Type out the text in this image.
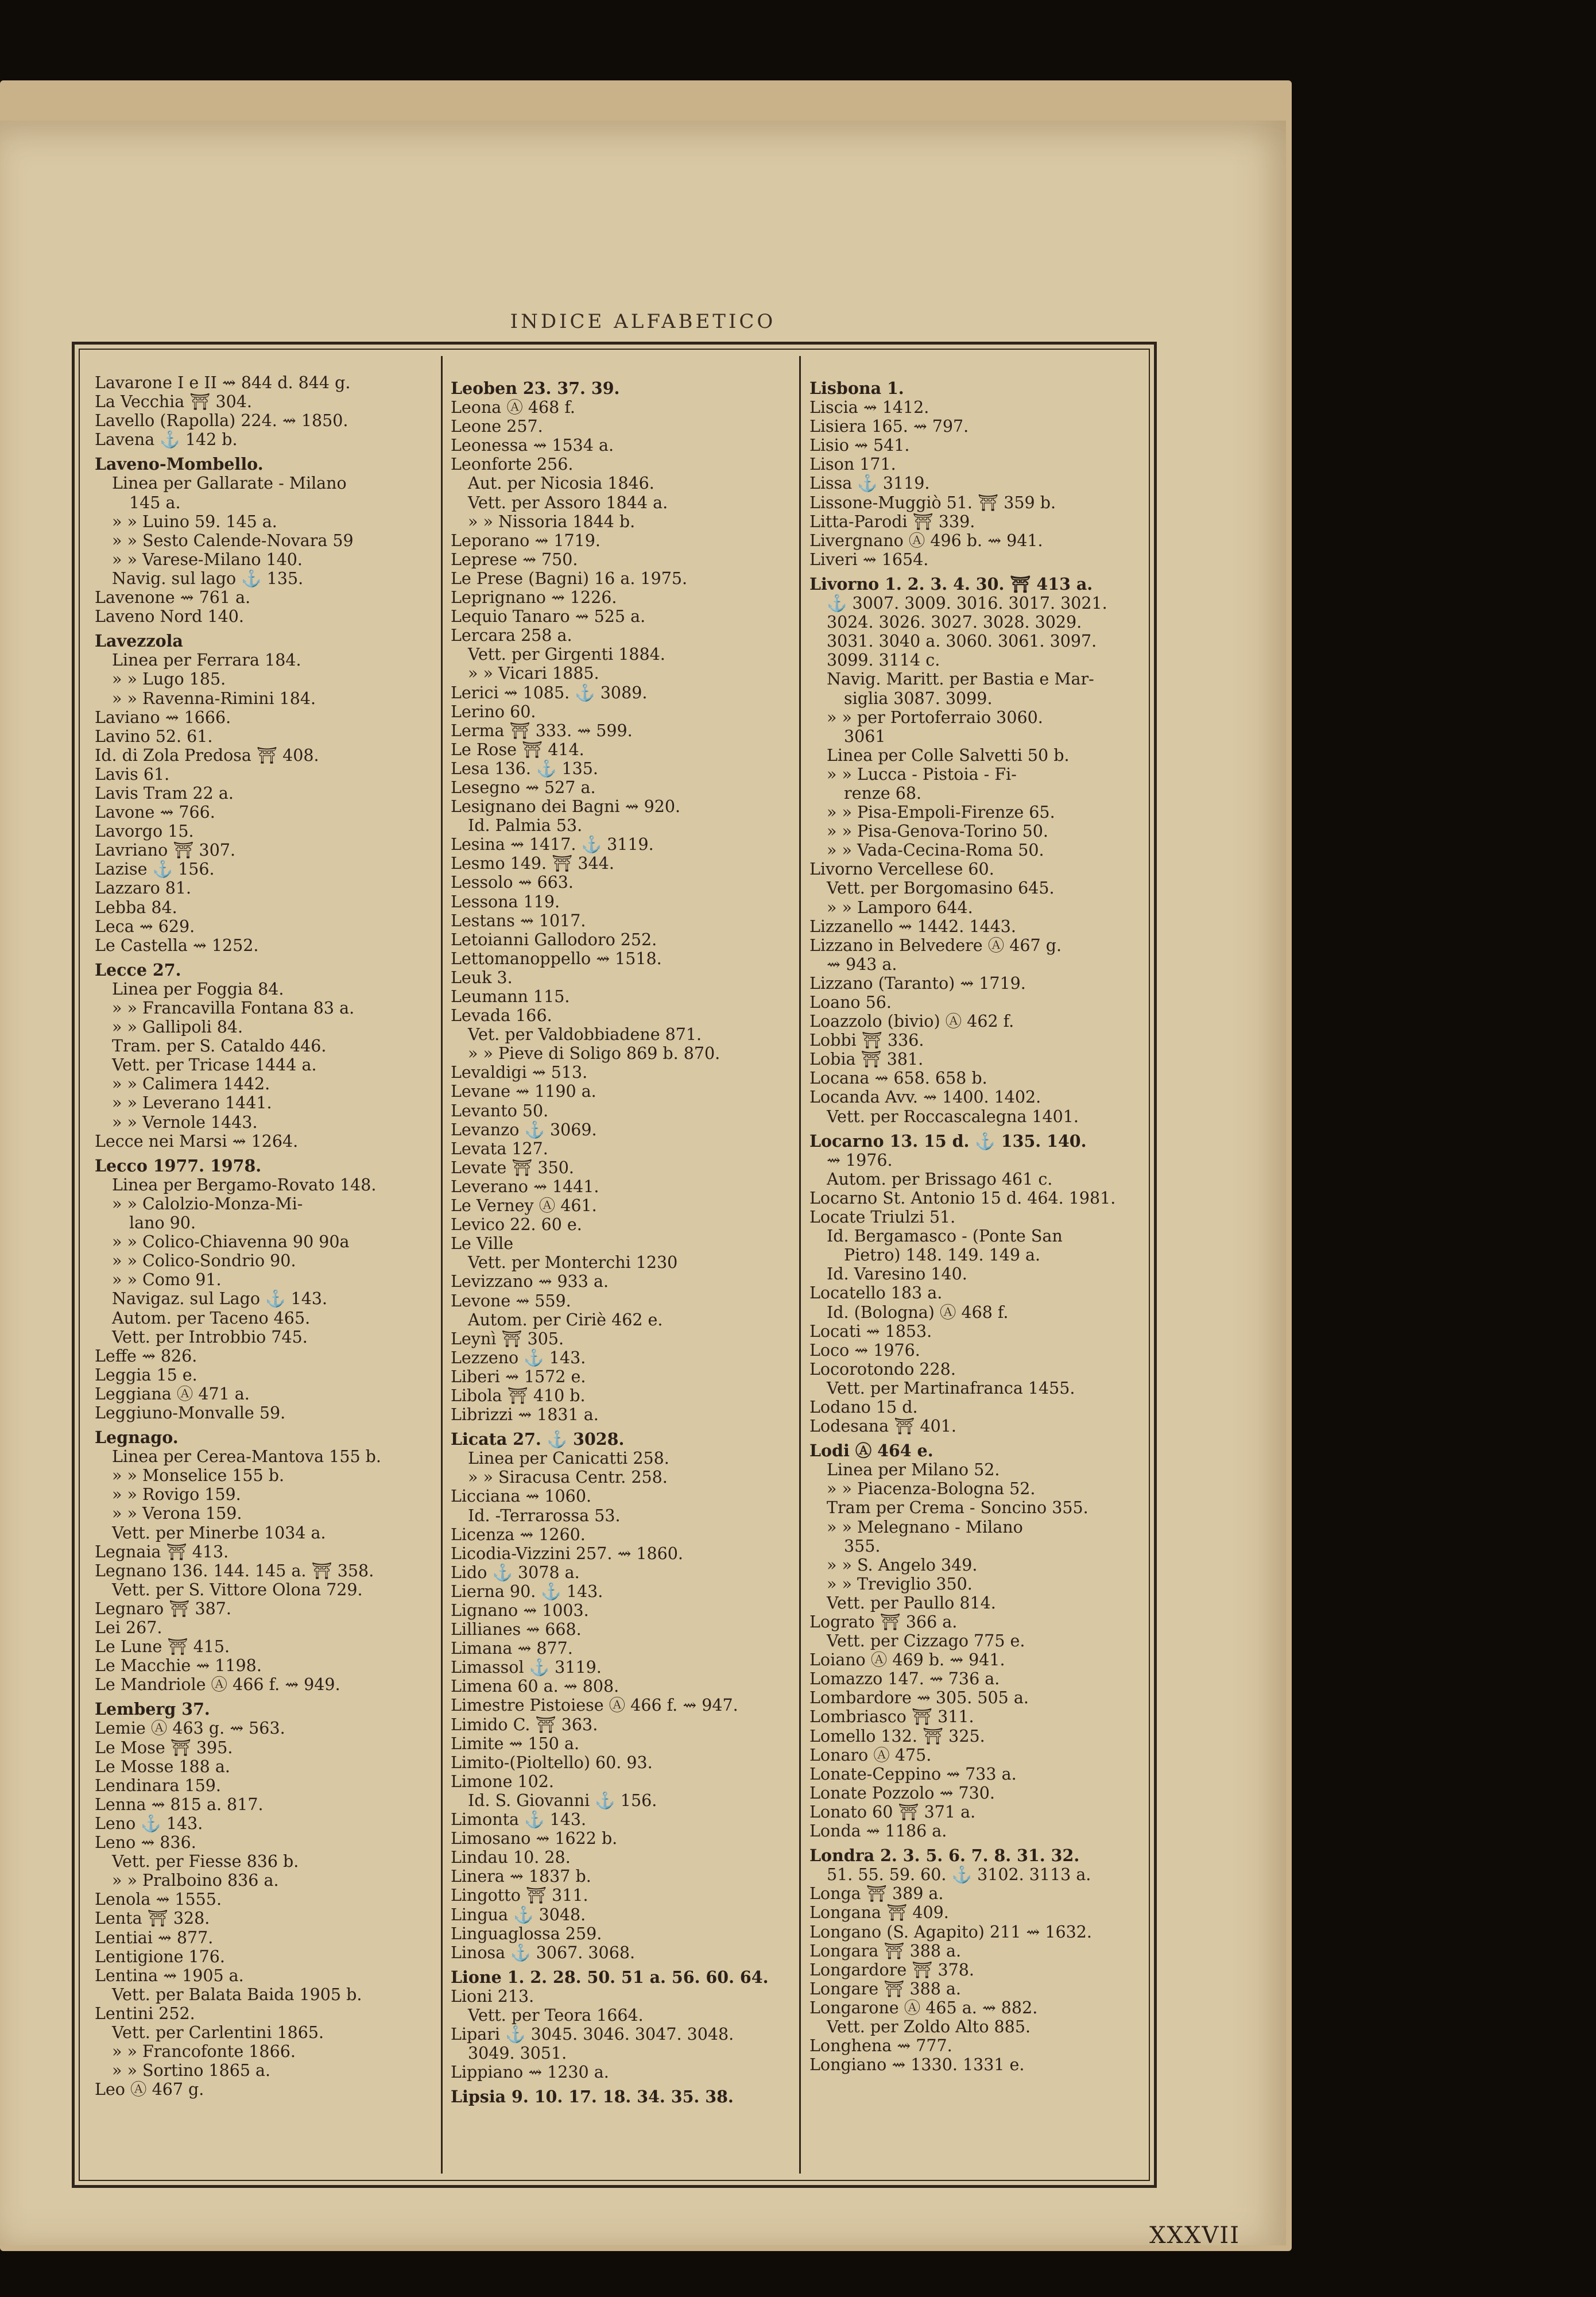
INDICE ALFABETICO
Lavarone I e II ⇝ 844 d. 844 g.
La Vecchia ⛩ 304.
Lavello (Rapolla) 224. ⇝ 1850.
Lavena ⚓ 142 b.
Laveno-Mombello.
Linea per Gallarate - Milano
145 a.
» » Luino 59. 145 a.
» » Sesto Calende-Novara 59
» » Varese-Milano 140.
Navig. sul lago ⚓ 135.
Lavenone ⇝ 761 a.
Laveno Nord 140.
Lavezzola
Linea per Ferrara 184.
» » Lugo 185.
» » Ravenna-Rimini 184.
Laviano ⇝ 1666.
Lavino 52. 61.
Id. di Zola Predosa ⛩ 408.
Lavis 61.
Lavis Tram 22 a.
Lavone ⇝ 766.
Lavorgo 15.
Lavriano ⛩ 307.
Lazise ⚓ 156.
Lazzaro 81.
Lebba 84.
Leca ⇝ 629.
Le Castella ⇝ 1252.
Lecce 27.
Linea per Foggia 84.
» » Francavilla Fontana 83 a.
» » Gallipoli 84.
Tram. per S. Cataldo 446.
Vett. per Tricase 1444 a.
» » Calimera 1442.
» » Leverano 1441.
» » Vernole 1443.
Lecce nei Marsi ⇝ 1264.
Lecco 1977. 1978.
Linea per Bergamo-Rovato 148.
» » Calolzio-Monza-Mi-
lano 90.
» » Colico-Chiavenna 90 90a
» » Colico-Sondrio 90.
» » Como 91.
Navigaz. sul Lago ⚓ 143.
Autom. per Taceno 465.
Vett. per Introbbio 745.
Leffe ⇝ 826.
Leggia 15 e.
Leggiana Ⓐ 471 a.
Leggiuno-Monvalle 59.
Legnago.
Linea per Cerea-Mantova 155 b.
» » Monselice 155 b.
» » Rovigo 159.
» » Verona 159.
Vett. per Minerbe 1034 a.
Legnaia ⛩ 413.
Legnano 136. 144. 145 a. ⛩ 358.
Vett. per S. Vittore Olona 729.
Legnaro ⛩ 387.
Lei 267.
Le Lune ⛩ 415.
Le Macchie ⇝ 1198.
Le Mandriole Ⓐ 466 f. ⇝ 949.
Lemberg 37.
Lemie Ⓐ 463 g. ⇝ 563.
Le Mose ⛩ 395.
Le Mosse 188 a.
Lendinara 159.
Lenna ⇝ 815 a. 817.
Leno ⚓ 143.
Leno ⇝ 836.
Vett. per Fiesse 836 b.
» » Pralboino 836 a.
Lenola ⇝ 1555.
Lenta ⛩ 328.
Lentiai ⇝ 877.
Lentigione 176.
Lentina ⇝ 1905 a.
Vett. per Balata Baida 1905 b.
Lentini 252.
Vett. per Carlentini 1865.
» » Francofonte 1866.
» » Sortino 1865 a.
Leo Ⓐ 467 g.
Leoben 23. 37. 39.
Leona Ⓐ 468 f.
Leone 257.
Leonessa ⇝ 1534 a.
Leonforte 256.
Aut. per Nicosia 1846.
Vett. per Assoro 1844 a.
» » Nissoria 1844 b.
Leporano ⇝ 1719.
Leprese ⇝ 750.
Le Prese (Bagni) 16 a. 1975.
Leprignano ⇝ 1226.
Lequio Tanaro ⇝ 525 a.
Lercara 258 a.
Vett. per Girgenti 1884.
» » Vicari 1885.
Lerici ⇝ 1085. ⚓ 3089.
Lerino 60.
Lerma ⛩ 333. ⇝ 599.
Le Rose ⛩ 414.
Lesa 136. ⚓ 135.
Lesegno ⇝ 527 a.
Lesignano dei Bagni ⇝ 920.
Id. Palmia 53.
Lesina ⇝ 1417. ⚓ 3119.
Lesmo 149. ⛩ 344.
Lessolo ⇝ 663.
Lessona 119.
Lestans ⇝ 1017.
Letoianni Gallodoro 252.
Lettomanoppello ⇝ 1518.
Leuk 3.
Leumann 115.
Levada 166.
Vet. per Valdobbiadene 871.
» » Pieve di Soligo 869 b. 870.
Levaldigi ⇝ 513.
Levane ⇝ 1190 a.
Levanto 50.
Levanzo ⚓ 3069.
Levata 127.
Levate ⛩ 350.
Leverano ⇝ 1441.
Le Verney Ⓐ 461.
Levico 22. 60 e.
Le Ville
Vett. per Monterchi 1230
Levizzano ⇝ 933 a.
Levone ⇝ 559.
Autom. per Ciriè 462 e.
Leynì ⛩ 305.
Lezzeno ⚓ 143.
Liberi ⇝ 1572 e.
Libola ⛩ 410 b.
Librizzi ⇝ 1831 a.
Licata 27. ⚓ 3028.
Linea per Canicatti 258.
» » Siracusa Centr. 258.
Licciana ⇝ 1060.
Id. -Terrarossa 53.
Licenza ⇝ 1260.
Licodia-Vizzini 257. ⇝ 1860.
Lido ⚓ 3078 a.
Lierna 90. ⚓ 143.
Lignano ⇝ 1003.
Lillianes ⇝ 668.
Limana ⇝ 877.
Limassol ⚓ 3119.
Limena 60 a. ⇝ 808.
Limestre Pistoiese Ⓐ 466 f. ⇝ 947.
Limido C. ⛩ 363.
Limite ⇝ 150 a.
Limito-(Pioltello) 60. 93.
Limone 102.
Id. S. Giovanni ⚓ 156.
Limonta ⚓ 143.
Limosano ⇝ 1622 b.
Lindau 10. 28.
Linera ⇝ 1837 b.
Lingotto ⛩ 311.
Lingua ⚓ 3048.
Linguaglossa 259.
Linosa ⚓ 3067. 3068.
Lione 1. 2. 28. 50. 51 a. 56. 60. 64.
Lioni 213.
Vett. per Teora 1664.
Lipari ⚓ 3045. 3046. 3047. 3048.
3049. 3051.
Lippiano ⇝ 1230 a.
Lipsia 9. 10. 17. 18. 34. 35. 38.
Lisbona 1.
Liscia ⇝ 1412.
Lisiera 165. ⇝ 797.
Lisio ⇝ 541.
Lison 171.
Lissa ⚓ 3119.
Lissone-Muggiò 51. ⛩ 359 b.
Litta-Parodi ⛩ 339.
Livergnano Ⓐ 496 b. ⇝ 941.
Liveri ⇝ 1654.
Livorno 1. 2. 3. 4. 30. ⛩ 413 a.
⚓ 3007. 3009. 3016. 3017. 3021.
3024. 3026. 3027. 3028. 3029.
3031. 3040 a. 3060. 3061. 3097.
3099. 3114 c.
Navig. Maritt. per Bastia e Mar-
siglia 3087. 3099.
» » per Portoferraio 3060.
3061
Linea per Colle Salvetti 50 b.
» » Lucca - Pistoia - Fi-
renze 68.
» » Pisa-Empoli-Firenze 65.
» » Pisa-Genova-Torino 50.
» » Vada-Cecina-Roma 50.
Livorno Vercellese 60.
Vett. per Borgomasino 645.
» » Lamporo 644.
Lizzanello ⇝ 1442. 1443.
Lizzano in Belvedere Ⓐ 467 g.
⇝ 943 a.
Lizzano (Taranto) ⇝ 1719.
Loano 56.
Loazzolo (bivio) Ⓐ 462 f.
Lobbi ⛩ 336.
Lobia ⛩ 381.
Locana ⇝ 658. 658 b.
Locanda Avv. ⇝ 1400. 1402.
Vett. per Roccascalegna 1401.
Locarno 13. 15 d. ⚓ 135. 140.
⇝ 1976.
Autom. per Brissago 461 c.
Locarno St. Antonio 15 d. 464. 1981.
Locate Triulzi 51.
Id. Bergamasco - (Ponte San
Pietro) 148. 149. 149 a.
Id. Varesino 140.
Locatello 183 a.
Id. (Bologna) Ⓐ 468 f.
Locati ⇝ 1853.
Loco ⇝ 1976.
Locorotondo 228.
Vett. per Martinafranca 1455.
Lodano 15 d.
Lodesana ⛩ 401.
Lodi Ⓐ 464 e.
Linea per Milano 52.
» » Piacenza-Bologna 52.
Tram per Crema - Soncino 355.
» » Melegnano - Milano
355.
» » S. Angelo 349.
» » Treviglio 350.
Vett. per Paullo 814.
Lograto ⛩ 366 a.
Vett. per Cizzago 775 e.
Loiano Ⓐ 469 b. ⇝ 941.
Lomazzo 147. ⇝ 736 a.
Lombardore ⇝ 305. 505 a.
Lombriasco ⛩ 311.
Lomello 132. ⛩ 325.
Lonaro Ⓐ 475.
Lonate-Ceppino ⇝ 733 a.
Lonate Pozzolo ⇝ 730.
Lonato 60 ⛩ 371 a.
Londa ⇝ 1186 a.
Londra 2. 3. 5. 6. 7. 8. 31. 32.
51. 55. 59. 60. ⚓ 3102. 3113 a.
Longa ⛩ 389 a.
Longana ⛩ 409.
Longano (S. Agapito) 211 ⇝ 1632.
Longara ⛩ 388 a.
Longardore ⛩ 378.
Longare ⛩ 388 a.
Longarone Ⓐ 465 a. ⇝ 882.
Vett. per Zoldo Alto 885.
Longhena ⇝ 777.
Longiano ⇝ 1330. 1331 e.
XXXVII
